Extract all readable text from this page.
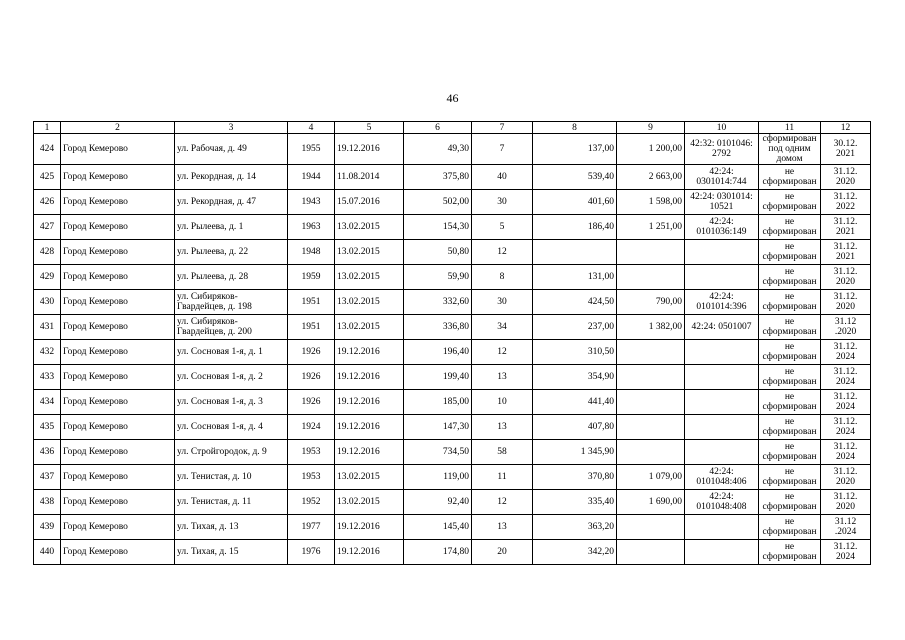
46
1	2	3	4	5	6	7	8	9	10	11	12
424	Город Кемерово	ул. Рабочая, д. 49	1955	19.12.2016	49,30	7	137,00	1 200,00	42:32: 0101046: 2792	сформирован под одним домом	30.12. 2021
425	Город Кемерово	ул. Рекордная, д. 14	1944	11.08.2014	375,80	40	539,40	2 663,00	42:24: 0301014:744	не сформирован	31.12. 2020
426	Город Кемерово	ул. Рекордная, д. 47	1943	15.07.2016	502,00	30	401,60	1 598,00	42:24: 0301014: 10521	не сформирован	31.12. 2022
427	Город Кемерово	ул. Рылеева, д. 1	1963	13.02.2015	154,30	5	186,40	1 251,00	42:24: 0101036:149	не сформирован	31.12. 2021
428	Город Кемерово	ул. Рылеева, д. 22	1948	13.02.2015	50,80	12				не сформирован	31.12. 2021
429	Город Кемерово	ул. Рылеева, д. 28	1959	13.02.2015	59,90	8	131,00			не сформирован	31.12. 2020
430	Город Кемерово	ул. Сибиряков-Гвардейцев, д. 198	1951	13.02.2015	332,60	30	424,50	790,00	42:24: 0101014:396	не сформирован	31.12. 2020
431	Город Кемерово	ул. Сибиряков-Гвардейцев, д. 200	1951	13.02.2015	336,80	34	237,00	1 382,00	42:24: 0501007	не сформирован	31.12 .2020
432	Город Кемерово	ул. Сосновая 1-я, д. 1	1926	19.12.2016	196,40	12	310,50			не сформирован	31.12. 2024
433	Город Кемерово	ул. Сосновая 1-я, д. 2	1926	19.12.2016	199,40	13	354,90			не сформирован	31.12. 2024
434	Город Кемерово	ул. Сосновая 1-я, д. 3	1926	19.12.2016	185,00	10	441,40			не сформирован	31.12. 2024
435	Город Кемерово	ул. Сосновая 1-я, д. 4	1924	19.12.2016	147,30	13	407,80			не сформирован	31.12. 2024
436	Город Кемерово	ул. Стройгородок, д. 9	1953	19.12.2016	734,50	58	1 345,90			не сформирован	31.12. 2024
437	Город Кемерово	ул. Тенистая, д. 10	1953	13.02.2015	119,00	11	370,80	1 079,00	42:24: 0101048:406	не сформирован	31.12. 2020
438	Город Кемерово	ул. Тенистая, д. 11	1952	13.02.2015	92,40	12	335,40	1 690,00	42:24: 0101048:408	не сформирован	31.12. 2020
439	Город Кемерово	ул. Тихая, д. 13	1977	19.12.2016	145,40	13	363,20			не сформирован	31.12 .2024
440	Город Кемерово	ул. Тихая, д. 15	1976	19.12.2016	174,80	20	342,20			не сформирован	31.12. 2024
